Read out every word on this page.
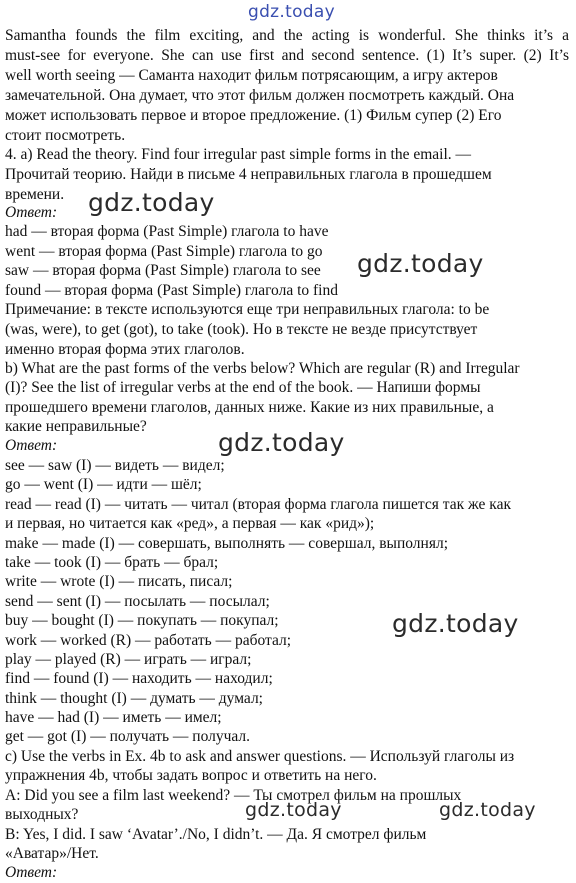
gdz.today
Samantha founds the film exciting, and the acting is wonderful. She thinks it’s a
must-see for everyone. She can use first and second sentence. (1) It’s super. (2) It’s
well worth seeing — Саманта находит фильм потрясающим, а игру актеров
замечательной. Она думает, что этот фильм должен посмотреть каждый. Она
может использовать первое и второе предложение. (1) Фильм супер (2) Его
стоит посмотреть.
4. a) Read the theory. Find four irregular past simple forms in the email. —
Прочитай теорию. Найди в письме 4 неправильных глагола в прошедшем
времени.
Ответ:
had — вторая форма (Past Simple) глагола to have
went — вторая форма (Past Simple) глагола to go
saw — вторая форма (Past Simple) глагола to see
found — вторая форма (Past Simple) глагола to find
Примечание: в тексте используются еще три неправильных глагола: to be
(was, were), to get (got), to take (took). Но в тексте не везде присутствует
именно вторая форма этих глаголов.
b) What are the past forms of the verbs below? Which are regular (R) and Irregular
(I)? See the list of irregular verbs at the end of the book. — Напиши формы
прошедшего времени глаголов, данных ниже. Какие из них правильные, а
какие неправильные?
Ответ:
see — saw (I) — видеть — видел;
go — went (I) — идти — шёл;
read — read (I) — читать — читал (вторая форма глагола пишется так же как
и первая, но читается как «ред», а первая — как «рид»);
make — made (I) — совершать, выполнять — совершал, выполнял;
take — took (I) — брать — брал;
write — wrote (I) — писать, писал;
send — sent (I) — посылать — посылал;
buy — bought (I) — покупать — покупал;
work — worked (R) — работать — работал;
play — played (R) — играть — играл;
find — found (I) — находить — находил;
think — thought (I) — думать — думал;
have — had (I) — иметь — имел;
get — got (I) — получать — получал.
c) Use the verbs in Ex. 4b to ask and answer questions. — Используй глаголы из
упражнения 4b, чтобы задать вопрос и ответить на него.
A: Did you see a film last weekend? — Ты смотрел фильм на прошлых
выходных?
B: Yes, I did. I saw ‘Avatar’./No, I didn’t. — Да. Я смотрел фильм
«Аватар»/Нет.
Ответ:
gdz.today
gdz.today
gdz.today
gdz.today
gdz.today	gdz.today
